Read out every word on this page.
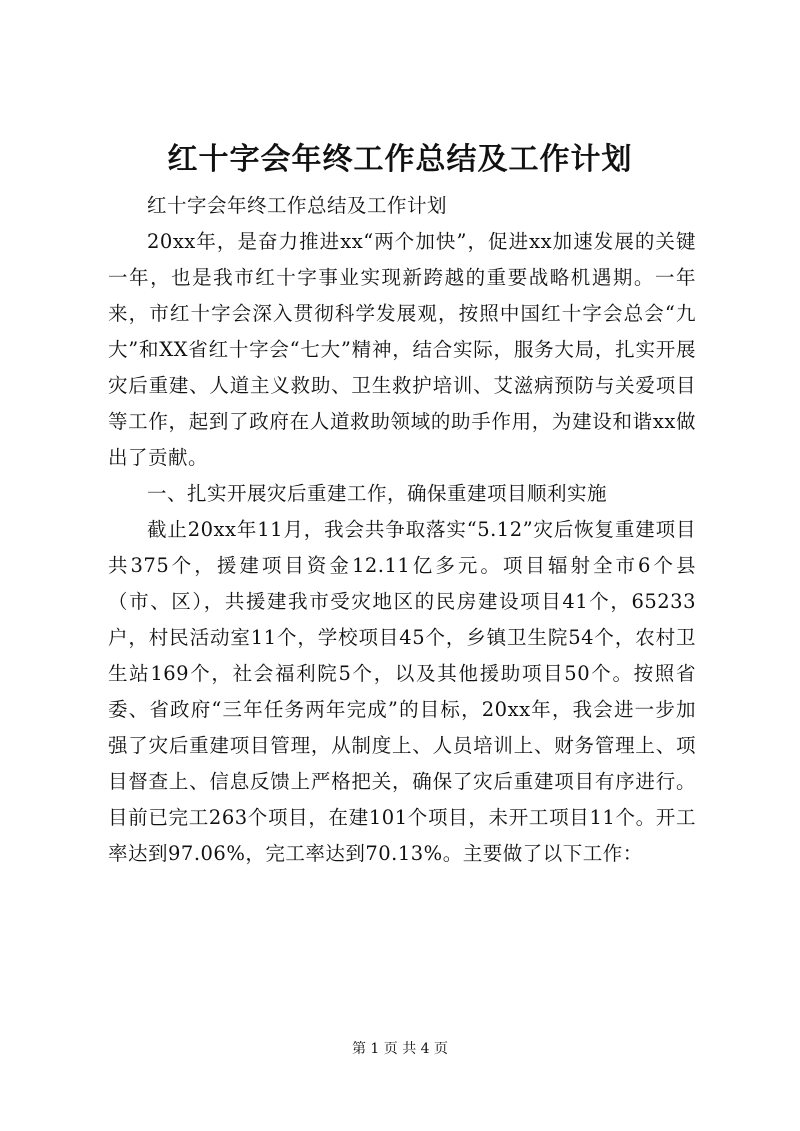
红十字会年终工作总结及工作计划

红十字会年终工作总结及工作计划

20xx年，是奋力推进xx“两个加快”，促进xx加速发展的关键一年，也是我市红十字事业实现新跨越的重要战略机遇期。一年来，市红十字会深入贯彻科学发展观，按照中国红十字会总会“九大”和XX省红十字会“七大”精神，结合实际，服务大局，扎实开展灾后重建、人道主义救助、卫生救护培训、艾滋病预防与关爱项目等工作，起到了政府在人道救助领域的助手作用，为建设和谐xx做出了贡献。

一、扎实开展灾后重建工作，确保重建项目顺利实施

截止20xx年11月，我会共争取落实“5.12”灾后恢复重建项目共375个，援建项目资金12.11亿多元。项目辐射全市6个县（市、区），共援建我市受灾地区的民房建设项目41个，65233户，村民活动室11个，学校项目45个，乡镇卫生院54个，农村卫生站169个，社会福利院5个，以及其他援助项目50个。按照省委、省政府“三年任务两年完成”的目标，20xx年，我会进一步加强了灾后重建项目管理，从制度上、人员培训上、财务管理上、项目督查上、信息反馈上严格把关，确保了灾后重建项目有序进行。目前已完工263个项目，在建101个项目，未开工项目11个。开工率达到97.06%，完工率达到70.13%。主要做了以下工作：

第 1 页 共 4 页
